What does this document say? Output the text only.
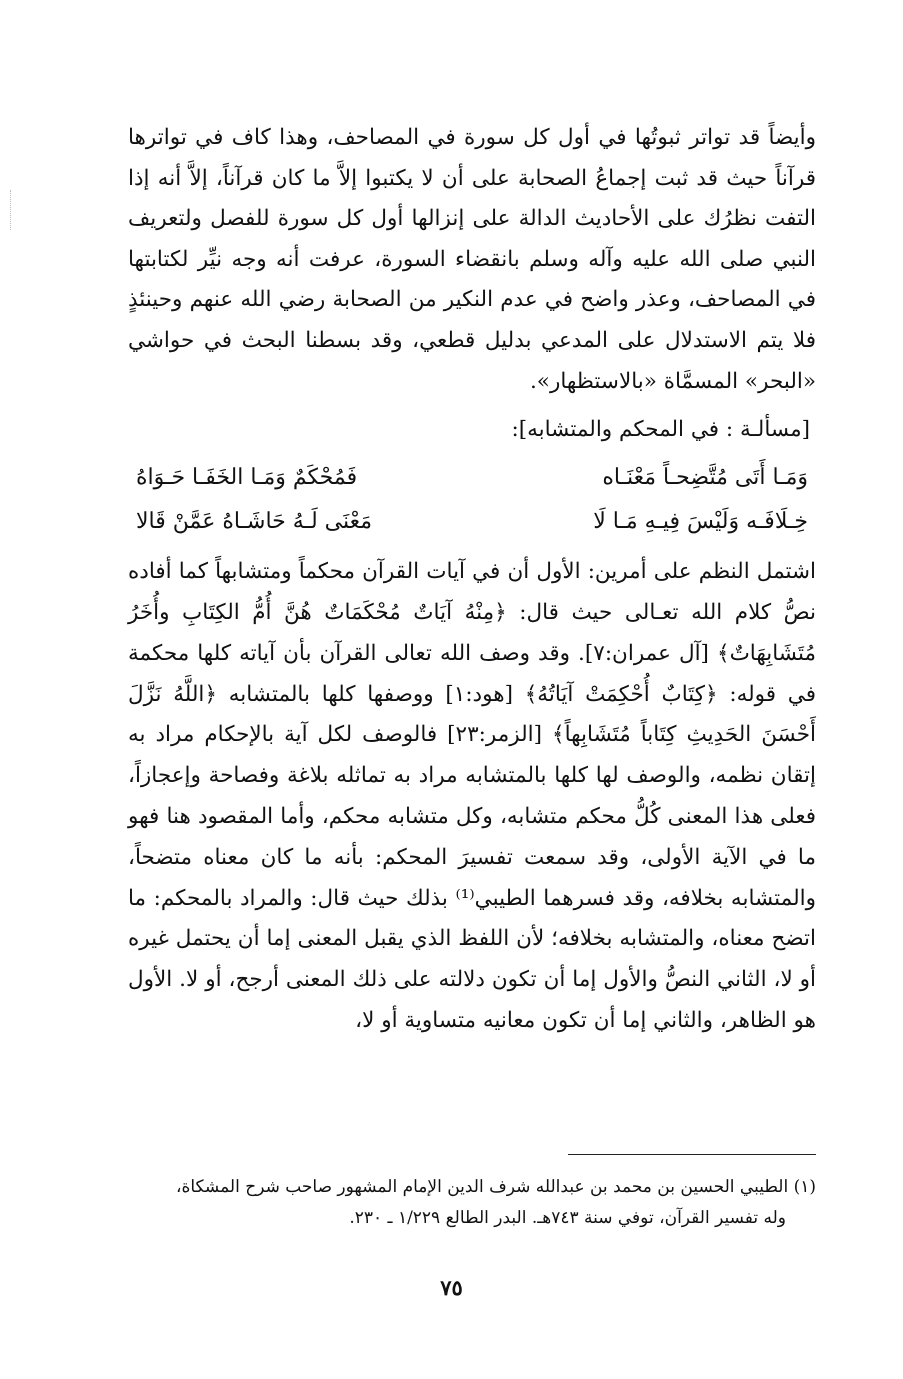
وأيضاً قد تواتر ثبوتُها في أول كل سورة في المصاحف، وهذا كاف في تواترها قرآناً حيث قد ثبت إجماعُ الصحابة على أن لا يكتبوا إلاَّ ما كان قرآناً، إلاَّ أنه إذا التفت نظرُك على الأحاديث الدالة على إنزالها أول كل سورة للفصل ولتعريف النبي صلى الله عليه وآله وسلم بانقضاء السورة، عرفت أنه وجه نيِّر لكتابتها في المصاحف، وعذر واضح في عدم النكير من الصحابة رضي الله عنهم وحينئذٍ فلا يتم الاستدلال على المدعي بدليل قطعي، وقد بسطنا البحث في حواشي «البحر» المسمَّاة «بالاستظهار».

[مسألـة : في المحكم والمتشابه]:
وَمَـا أَتَى مُتَّضِحـاً مَعْنَـاه
فَمُحْكَمٌ وَمَـا الخَفَـا حَـوَاهُ
خِـلَافَـه وَلَيْسَ فِيـهِ مَـا لَا
مَعْنَى لَـهُ حَاشَـاهُ عَمَّنْ قَالا

اشتمل النظم على أمرين: الأول أن في آيات القرآن محكماً ومتشابهاً كما أفاده نصُّ كلام الله تعـالى حيث قال: ﴿مِنْهُ آيَاتٌ مُحْكَمَاتٌ هُنَّ أُمُّ الكِتَابِ وأُخَرُ مُتَشَابِهَاتٌ﴾ [آل عمران:٧]. وقد وصف الله تعالى القرآن بأن آياته كلها محكمة في قوله: ﴿كِتَابٌ أُحْكِمَتْ آيَاتُهُ﴾ [هود:١] ووصفها كلها بالمتشابه ﴿اللَّهُ نَزَّلَ أَحْسَنَ الحَدِيثِ كِتَاباً مُتَشَابِهاً﴾ [الزمر:٢٣] فالوصف لكل آية بالإحكام مراد به إتقان نظمه، والوصف لها كلها بالمتشابه مراد به تماثله بلاغة وفصاحة وإعجازاً، فعلى هذا المعنى كُلُّ محكم متشابه، وكل متشابه محكم، وأما المقصود هنا فهو ما في الآية الأولى، وقد سمعت تفسيرَ المحكم: بأنه ما كان معناه متضحاً، والمتشابه بخلافه، وقد فسرهما الطيبي⁽¹⁾ بذلك حيث قال: والمراد بالمحكم: ما اتضح معناه، والمتشابه بخلافه؛ لأن اللفظ الذي يقبل المعنى إما أن يحتمل غيره أو لا، الثاني النصُّ والأول إما أن تكون دلالته على ذلك المعنى أرجح، أو لا. الأول هو الظاهر، والثاني إما أن تكون معانيه متساوية أو لا،

(١) الطيبي الحسين بن محمد بن عبدالله شرف الدين الإمام المشهور صاحب شرح المشكاة،
وله تفسير القرآن، توفي سنة ٧٤٣هـ. البدر الطالع ١/٢٢٩ ـ ٢٣٠.
٧٥
